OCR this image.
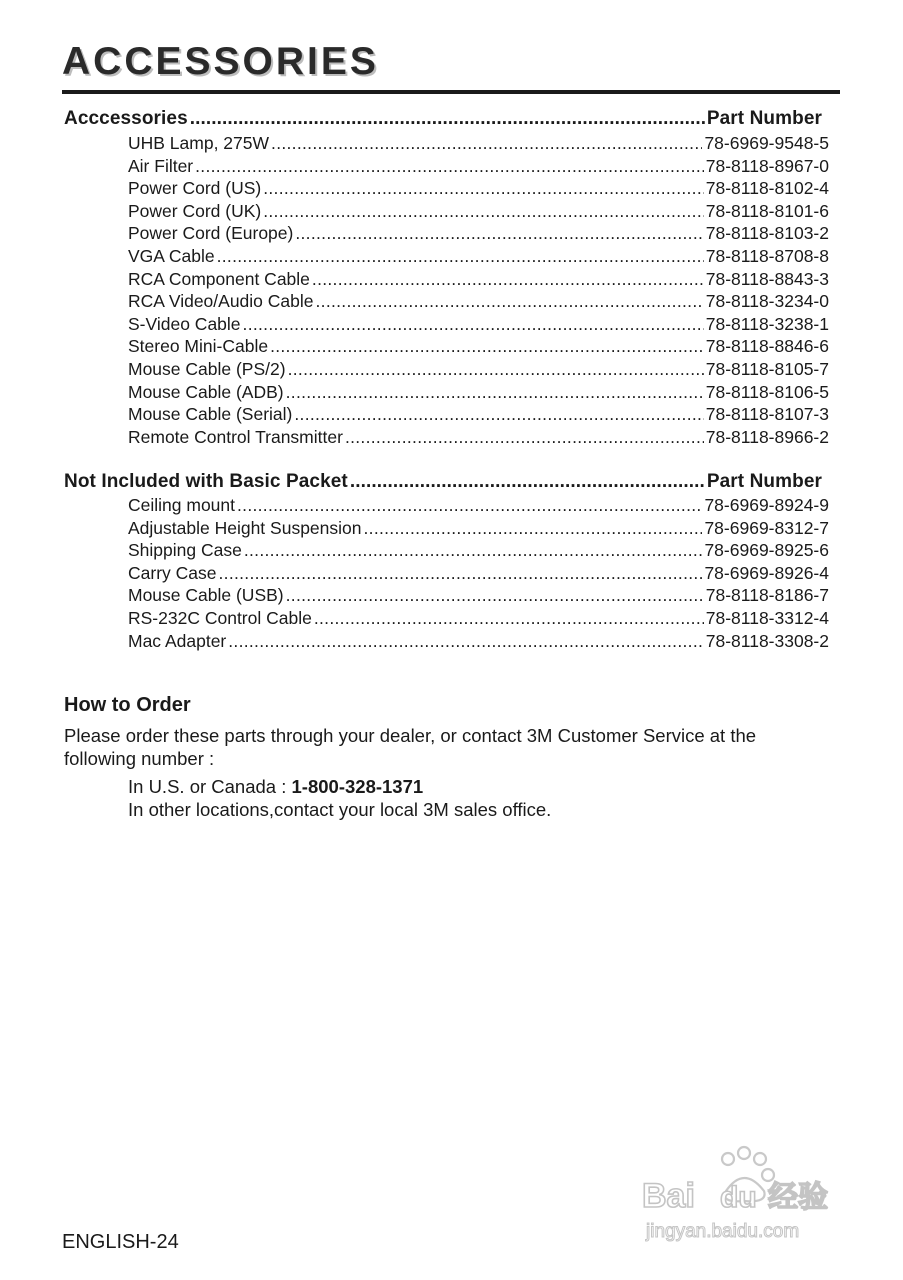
ACCESSORIES
Acccessories .....	Part Number
UHB Lamp, 275W .....	78-6969-9548-5
Air Filter .....	78-8118-8967-0
Power Cord (US) .....	78-8118-8102-4
Power Cord (UK) .....	78-8118-8101-6
Power Cord (Europe) .....	78-8118-8103-2
VGA Cable .....	78-8118-8708-8
RCA Component Cable .....	78-8118-8843-3
RCA Video/Audio Cable .....	78-8118-3234-0
S-Video Cable .....	78-8118-3238-1
Stereo Mini-Cable .....	78-8118-8846-6
Mouse Cable (PS/2) .....	78-8118-8105-7
Mouse Cable (ADB) .....	78-8118-8106-5
Mouse Cable (Serial) .....	78-8118-8107-3
Remote Control Transmitter .....	78-8118-8966-2
Not Included with Basic Packet .....	Part Number
Ceiling mount .....	78-6969-8924-9
Adjustable Height Suspension .....	78-6969-8312-7
Shipping Case .....	78-6969-8925-6
Carry Case .....	78-6969-8926-4
Mouse Cable (USB) .....	78-8118-8186-7
RS-232C Control Cable .....	78-8118-3312-4
Mac Adapter .....	78-8118-3308-2
How to Order

Please order these parts through your dealer, or contact 3M Customer Service at the following number :

In U.S. or Canada : 1-800-328-1371
In other locations,contact your local 3M sales office.
Bai du 经验
jingyan.baidu.com
ENGLISH-24
